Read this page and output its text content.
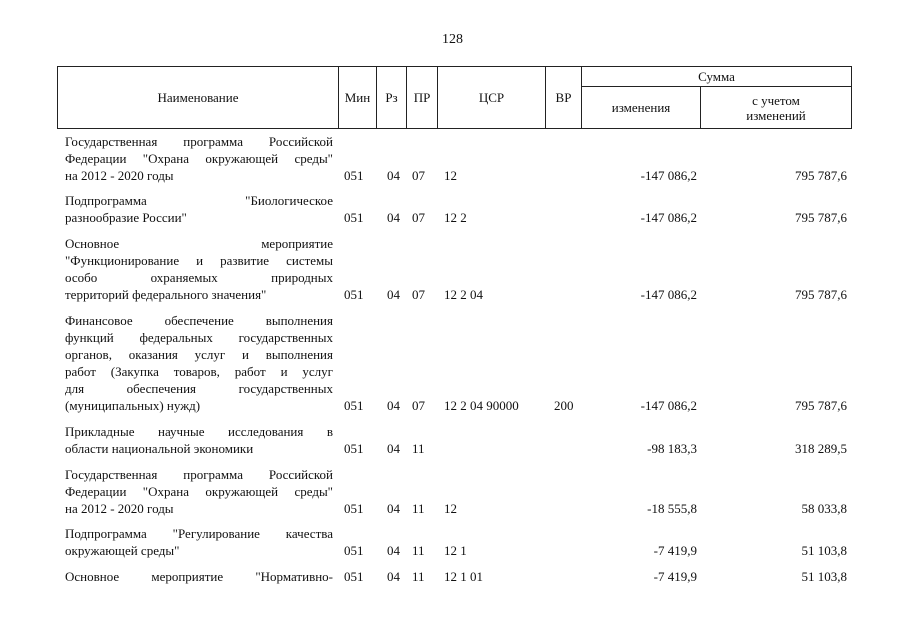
128
Наименование	Мин Рз ПР	ЦСР	ВР
Сумма
изменения	с учетом
изменений
Государственная программа Российской
Федерации "Охрана окружающей среды"
на 2012 - 2020 годы	051 04 07 12	-147 086,2	795 787,6
Подпрограмма "Биологическое
разнообразие России"	051 04 07 12 2	-147 086,2	795 787,6
Основное мероприятие
"Функционирование и развитие системы
особо охраняемых природных
территорий федерального значения"	051 04 07 12 2 04	-147 086,2	795 787,6
Финансовое обеспечение выполнения
функций федеральных государственных
органов, оказания услуг и выполнения
работ (Закупка товаров, работ и услуг
для обеспечения государственных
(муниципальных) нужд)	051 04 07 12 2 04 90000	200	-147 086,2	795 787,6
Прикладные научные исследования в
области национальной экономики	051 04 11	-98 183,3	318 289,5
Государственная программа Российской
Федерации "Охрана окружающей среды"
на 2012 - 2020 годы	051 04 11 12	-18 555,8	58 033,8
Подпрограмма "Регулирование качества
окружающей среды"	051 04 11 12 1	-7 419,9	51 103,8
Основное мероприятие "Нормативно- 051 04 11 12 1 01	-7 419,9	51 103,8
